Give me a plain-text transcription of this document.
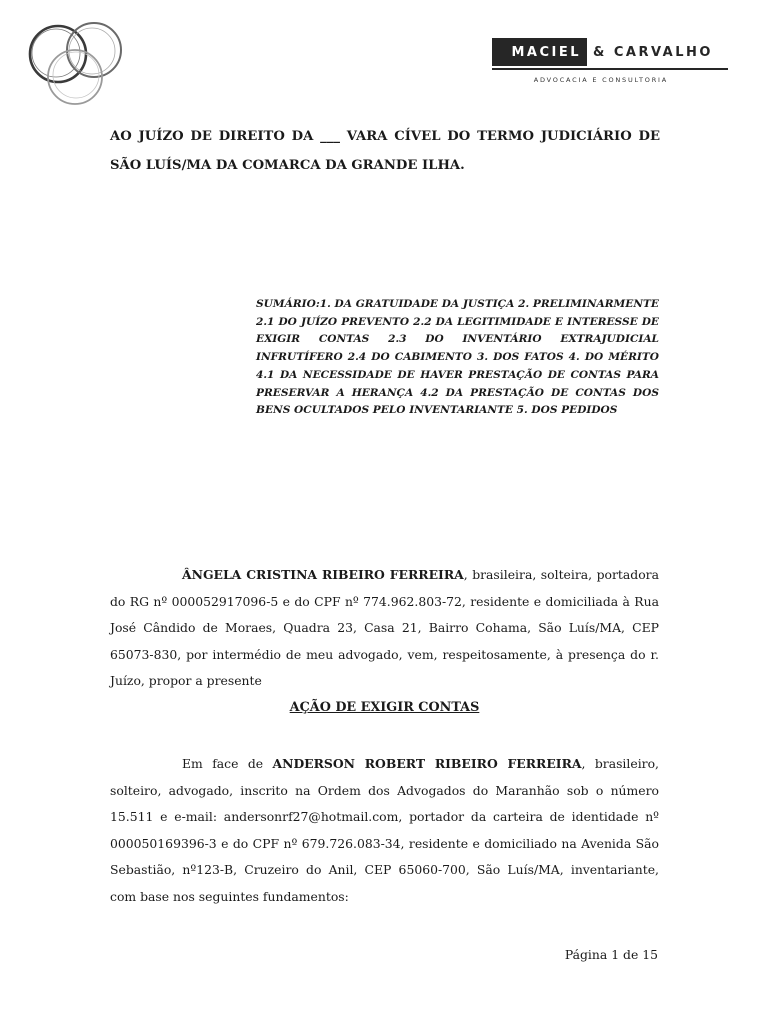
MACIEL & CARVALHO
ADVOCACIA E CONSULTORIA
AO JUÍZO DE DIREITO DA ___ VARA CÍVEL DO TERMO JUDICIÁRIO DE SÃO LUÍS/MA DA COMARCA DA GRANDE ILHA.
SUMÁRIO:1. DA GRATUIDADE DA JUSTIÇA 2. PRELIMINARMENTE 2.1 DO JUÍZO PREVENTO 2.2 DA LEGITIMIDADE E INTERESSE DE EXIGIR CONTAS 2.3 DO INVENTÁRIO EXTRAJUDICIAL INFRUTÍFERO 2.4 DO CABIMENTO 3. DOS FATOS 4. DO MÉRITO 4.1 DA NECESSIDADE DE HAVER PRESTAÇÃO DE CONTAS PARA PRESERVAR A HERANÇA 4.2 DA PRESTAÇÃO DE CONTAS DOS BENS OCULTADOS PELO INVENTARIANTE 5. DOS PEDIDOS
ÂNGELA CRISTINA RIBEIRO FERREIRA, brasileira, solteira, portadora do RG nº 000052917096-5 e do CPF nº 774.962.803-72, residente e domiciliada à Rua José Cândido de Moraes, Quadra 23, Casa 21, Bairro Cohama, São Luís/MA, CEP 65073-830, por intermédio de meu advogado, vem, respeitosamente, à presença do r. Juízo, propor a presente
AÇÃO DE EXIGIR CONTAS
Em face de ANDERSON ROBERT RIBEIRO FERREIRA, brasileiro, solteiro, advogado, inscrito na Ordem dos Advogados do Maranhão sob o número 15.511 e e-mail: andersonrf27@hotmail.com, portador da carteira de identidade nº 000050169396-3 e do CPF nº 679.726.083-34, residente e domiciliado na Avenida São Sebastião, nº123-B, Cruzeiro do Anil, CEP 65060-700, São Luís/MA, inventariante, com base nos seguintes fundamentos:
Página 1 de 15
